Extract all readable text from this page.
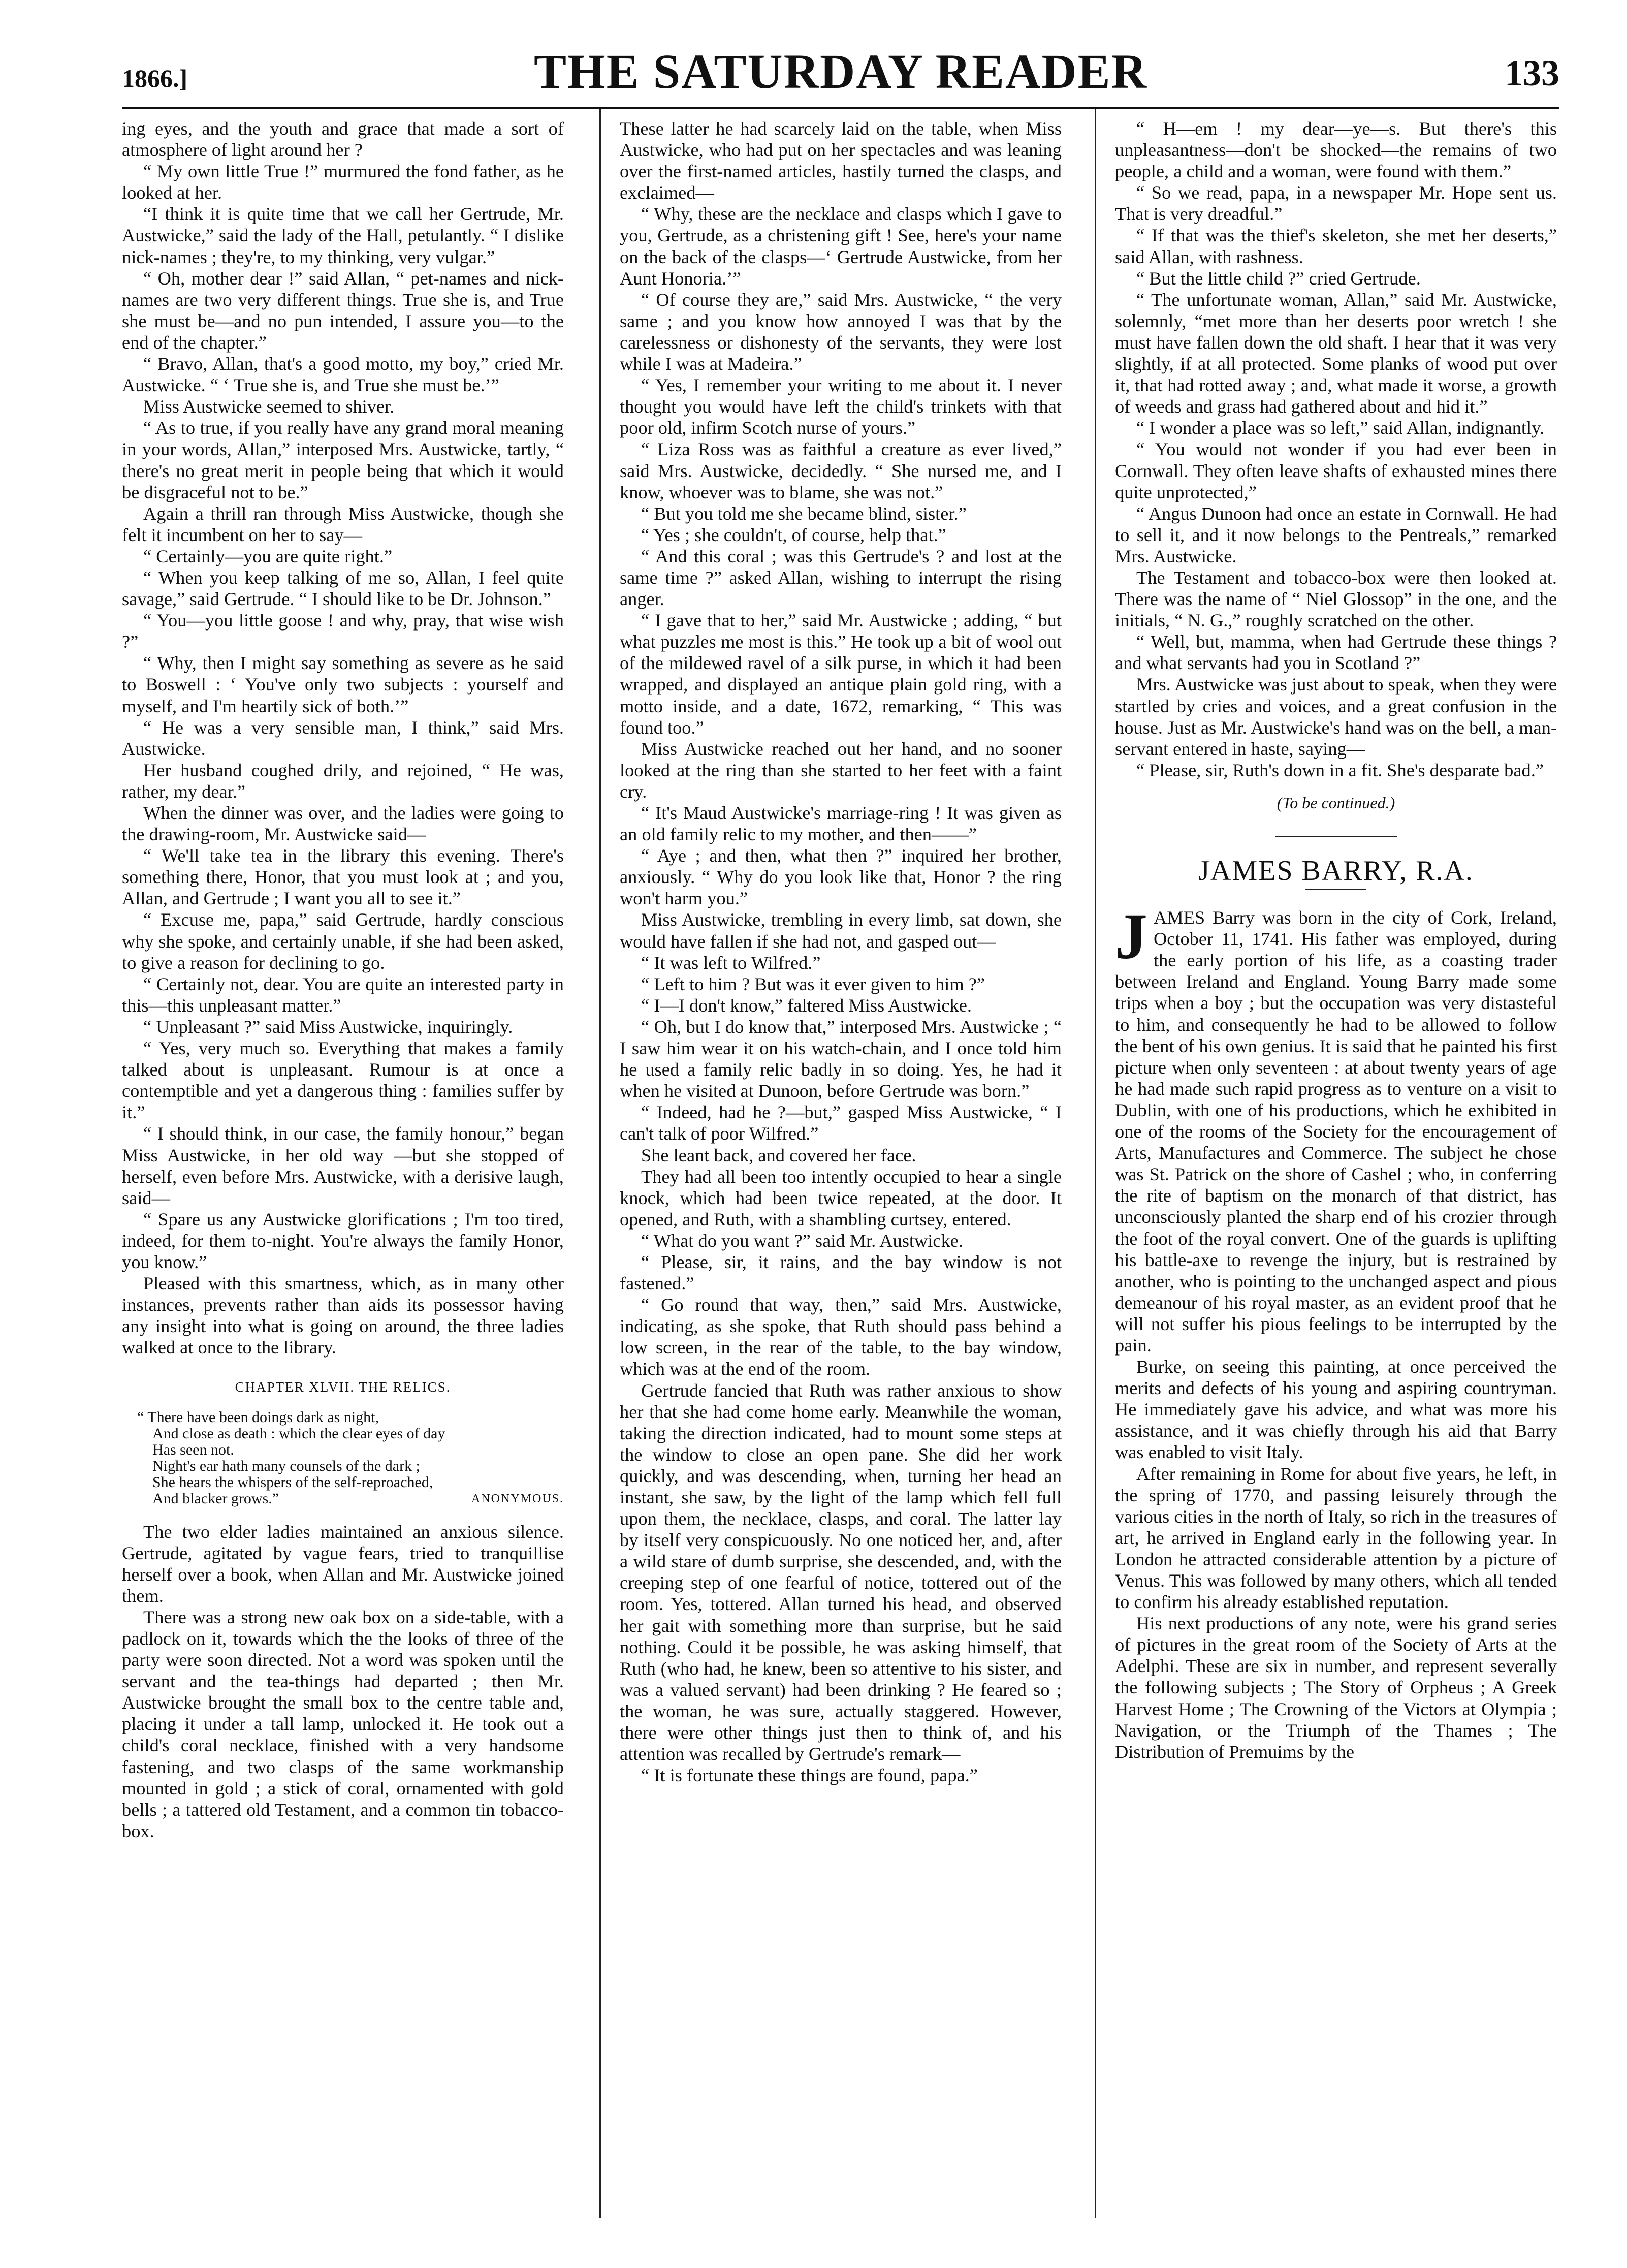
1866.]	THE SATURDAY READER	133

ing eyes, and the youth and grace that made a sort of atmosphere of light around her ?

“ My own little True !” murmured the fond father, as he looked at her.

“I think it is quite time that we call her Gertrude, Mr. Austwicke,” said the lady of the Hall, petulantly. “ I dislike nick-names ; they're, to my thinking, very vulgar.”

“ Oh, mother dear !” said Allan, “ pet-names and nick-names are two very different things. True she is, and True she must be—and no pun intended, I assure you—to the end of the chapter.”

“ Bravo, Allan, that's a good motto, my boy,” cried Mr. Austwicke. “ ‘ True she is, and True she must be.’”

Miss Austwicke seemed to shiver.

“ As to true, if you really have any grand moral meaning in your words, Allan,” interposed Mrs. Austwicke, tartly, “ there's no great merit in people being that which it would be disgraceful not to be.”

Again a thrill ran through Miss Austwicke, though she felt it incumbent on her to say—

“ Certainly—you are quite right.”

“ When you keep talking of me so, Allan, I feel quite savage,” said Gertrude. “ I should like to be Dr. Johnson.”

“ You—you little goose ! and why, pray, that wise wish ?”

“ Why, then I might say something as severe as he said to Boswell : ‘ You've only two subjects : yourself and myself, and I'm heartily sick of both.’”

“ He was a very sensible man, I think,” said Mrs. Austwicke.

Her husband coughed drily, and rejoined, “ He was, rather, my dear.”

When the dinner was over, and the ladies were going to the drawing-room, Mr. Austwicke said—

“ We'll take tea in the library this evening. There's something there, Honor, that you must look at ; and you, Allan, and Gertrude ; I want you all to see it.”

“ Excuse me, papa,” said Gertrude, hardly conscious why she spoke, and certainly unable, if she had been asked, to give a reason for declining to go.

“ Certainly not, dear. You are quite an interested party in this—this unpleasant matter.”

“ Unpleasant ?” said Miss Austwicke, inquiringly.

“ Yes, very much so. Everything that makes a family talked about is unpleasant. Rumour is at once a contemptible and yet a dangerous thing : families suffer by it.”

“ I should think, in our case, the family honour,” began Miss Austwicke, in her old way —but she stopped of herself, even before Mrs. Austwicke, with a derisive laugh, said—

“ Spare us any Austwicke glorifications ; I'm too tired, indeed, for them to-night. You're always the family Honor, you know.”

Pleased with this smartness, which, as in many other instances, prevents rather than aids its possessor having any insight into what is going on around, the three ladies walked at once to the library.

CHAPTER XLVII. THE RELICS.
“ There have been doings dark as night,
And close as death : which the clear eyes of day
Has seen not.
Night's ear hath many counsels of the dark ;
She hears the whispers of the self-reproached,
And blacker grows.”	ANONYMOUS.

The two elder ladies maintained an anxious silence. Gertrude, agitated by vague fears, tried to tranquillise herself over a book, when Allan and Mr. Austwicke joined them.

There was a strong new oak box on a side-table, with a padlock on it, towards which the the looks of three of the party were soon directed. Not a word was spoken until the servant and the tea-things had departed ; then Mr. Austwicke brought the small box to the centre table and, placing it under a tall lamp, unlocked it. He took out a child's coral necklace, finished with a very handsome fastening, and two clasps of the same workmanship mounted in gold ; a stick of coral, ornamented with gold bells ; a tattered old Testament, and a common tin tobacco-box.

These latter he had scarcely laid on the table, when Miss Austwicke, who had put on her spectacles and was leaning over the first-named articles, hastily turned the clasps, and exclaimed—

“ Why, these are the necklace and clasps which I gave to you, Gertrude, as a christening gift ! See, here's your name on the back of the clasps—‘ Gertrude Austwicke, from her Aunt Honoria.’”

“ Of course they are,” said Mrs. Austwicke, “ the very same ; and you know how annoyed I was that by the carelessness or dishonesty of the servants, they were lost while I was at Madeira.”

“ Yes, I remember your writing to me about it. I never thought you would have left the child's trinkets with that poor old, infirm Scotch nurse of yours.”

“ Liza Ross was as faithful a creature as ever lived,” said Mrs. Austwicke, decidedly. “ She nursed me, and I know, whoever was to blame, she was not.”

“ But you told me she became blind, sister.”

“ Yes ; she couldn't, of course, help that.”

“ And this coral ; was this Gertrude's ? and lost at the same time ?” asked Allan, wishing to interrupt the rising anger.

“ I gave that to her,” said Mr. Austwicke ; adding, “ but what puzzles me most is this.” He took up a bit of wool out of the mildewed ravel of a silk purse, in which it had been wrapped, and displayed an antique plain gold ring, with a motto inside, and a date, 1672, remarking, “ This was found too.”

Miss Austwicke reached out her hand, and no sooner looked at the ring than she started to her feet with a faint cry.

“ It's Maud Austwicke's marriage-ring ! It was given as an old family relic to my mother, and then——”

“ Aye ; and then, what then ?” inquired her brother, anxiously. “ Why do you look like that, Honor ? the ring won't harm you.”

Miss Austwicke, trembling in every limb, sat down, she would have fallen if she had not, and gasped out—

“ It was left to Wilfred.”

“ Left to him ? But was it ever given to him ?”

“ I—I don't know,” faltered Miss Austwicke.

“ Oh, but I do know that,” interposed Mrs. Austwicke ; “ I saw him wear it on his watch-chain, and I once told him he used a family relic badly in so doing. Yes, he had it when he visited at Dunoon, before Gertrude was born.”

“ Indeed, had he ?—but,” gasped Miss Austwicke, “ I can't talk of poor Wilfred.”

She leant back, and covered her face.

They had all been too intently occupied to hear a single knock, which had been twice repeated, at the door. It opened, and Ruth, with a shambling curtsey, entered.

“ What do you want ?” said Mr. Austwicke.

“ Please, sir, it rains, and the bay window is not fastened.”

“ Go round that way, then,” said Mrs. Austwicke, indicating, as she spoke, that Ruth should pass behind a low screen, in the rear of the table, to the bay window, which was at the end of the room.

Gertrude fancied that Ruth was rather anxious to show her that she had come home early. Meanwhile the woman, taking the direction indicated, had to mount some steps at the window to close an open pane. She did her work quickly, and was descending, when, turning her head an instant, she saw, by the light of the lamp which fell full upon them, the necklace, clasps, and coral. The latter lay by itself very conspicuously. No one noticed her, and, after a wild stare of dumb surprise, she descended, and, with the creeping step of one fearful of notice, tottered out of the room. Yes, tottered. Allan turned his head, and observed her gait with something more than surprise, but he said nothing. Could it be possible, he was asking himself, that Ruth (who had, he knew, been so attentive to his sister, and was a valued servant) had been drinking ? He feared so ; the woman, he was sure, actually staggered. However, there were other things just then to think of, and his attention was recalled by Gertrude's remark—

“ It is fortunate these things are found, papa.”

“ H—em ! my dear—ye—s. But there's this unpleasantness—don't be shocked—the remains of two people, a child and a woman, were found with them.”

“ So we read, papa, in a newspaper Mr. Hope sent us. That is very dreadful.”

“ If that was the thief's skeleton, she met her deserts,” said Allan, with rashness.

“ But the little child ?” cried Gertrude.

“ The unfortunate woman, Allan,” said Mr. Austwicke, solemnly, “met more than her deserts poor wretch ! she must have fallen down the old shaft. I hear that it was very slightly, if at all protected. Some planks of wood put over it, that had rotted away ; and, what made it worse, a growth of weeds and grass had gathered about and hid it.”

“ I wonder a place was so left,” said Allan, indignantly.

“ You would not wonder if you had ever been in Cornwall. They often leave shafts of exhausted mines there quite unprotected,”

“ Angus Dunoon had once an estate in Cornwall. He had to sell it, and it now belongs to the Pentreals,” remarked Mrs. Austwicke.

The Testament and tobacco-box were then looked at. There was the name of “ Niel Glossop” in the one, and the initials, “ N. G.,” roughly scratched on the other.

“ Well, but, mamma, when had Gertrude these things ? and what servants had you in Scotland ?”

Mrs. Austwicke was just about to speak, when they were startled by cries and voices, and a great confusion in the house. Just as Mr. Austwicke's hand was on the bell, a man-servant entered in haste, saying—

“ Please, sir, Ruth's down in a fit. She's desparate bad.”

(To be continued.)
JAMES BARRY, R.A.
J AMES Barry was born in the city of Cork, Ireland, October 11, 1741. His father was employed, during the early portion of his life, as a coasting trader between Ireland and England. Young Barry made some trips when a boy ; but the occupation was very distasteful to him, and consequently he had to be allowed to follow the bent of his own genius. It is said that he painted his first picture when only seventeen : at about twenty years of age he had made such rapid progress as to venture on a visit to Dublin, with one of his productions, which he exhibited in one of the rooms of the Society for the encouragement of Arts, Manufactures and Commerce. The subject he chose was St. Patrick on the shore of Cashel ; who, in conferring the rite of baptism on the monarch of that district, has unconsciously planted the sharp end of his crozier through the foot of the royal convert. One of the guards is uplifting his battle-axe to revenge the injury, but is restrained by another, who is pointing to the unchanged aspect and pious demeanour of his royal master, as an evident proof that he will not suffer his pious feelings to be interrupted by the pain.

Burke, on seeing this painting, at once perceived the merits and defects of his young and aspiring countryman. He immediately gave his advice, and what was more his assistance, and it was chiefly through his aid that Barry was enabled to visit Italy.

After remaining in Rome for about five years, he left, in the spring of 1770, and passing leisurely through the various cities in the north of Italy, so rich in the treasures of art, he arrived in England early in the following year. In London he attracted considerable attention by a picture of Venus. This was followed by many others, which all tended to confirm his already established reputation.

His next productions of any note, were his grand series of pictures in the great room of the Society of Arts at the Adelphi. These are six in number, and represent severally the following subjects ; The Story of Orpheus ; A Greek Harvest Home ; The Crowning of the Victors at Olympia ; Navigation, or the Triumph of the Thames ; The Distribution of Premuims by the
